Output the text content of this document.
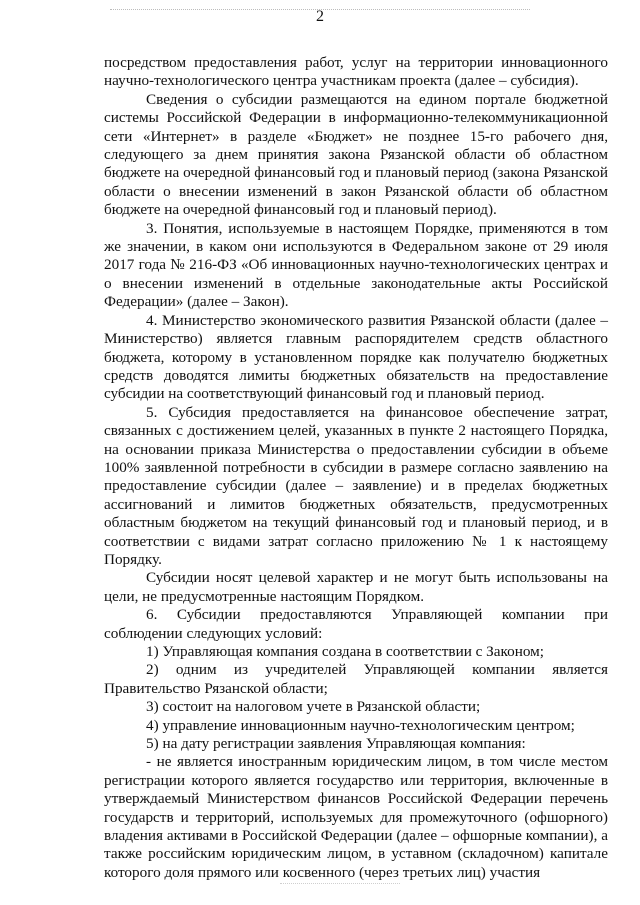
2

посредством предоставления работ, услуг на территории инновационного научно-технологического центра участникам проекта (далее – субсидия).

Сведения о субсидии размещаются на едином портале бюджетной системы Российской Федерации в информационно-телекоммуникационной сети «Интернет» в разделе «Бюджет» не позднее 15-го рабочего дня, следующего за днем принятия закона Рязанской области об областном бюджете на очередной финансовый год и плановый период (закона Рязанской области о внесении изменений в закон Рязанской области об областном бюджете на очередной финансовый год и плановый период).

3. Понятия, используемые в настоящем Порядке, применяются в том же значении, в каком они используются в Федеральном законе от 29 июля 2017 года № 216-ФЗ «Об инновационных научно-технологических центрах и о внесении изменений в отдельные законодательные акты Российской Федерации» (далее – Закон).

4. Министерство экономического развития Рязанской области (далее – Министерство) является главным распорядителем средств областного бюджета, которому в установленном порядке как получателю бюджетных средств доводятся лимиты бюджетных обязательств на предоставление субсидии на соответствующий финансовый год и плановый период.

5. Субсидия предоставляется на финансовое обеспечение затрат, связанных с достижением целей, указанных в пункте 2 настоящего Порядка, на основании приказа Министерства о предоставлении субсидии в объеме 100% заявленной потребности в субсидии в размере согласно заявлению на предоставление субсидии (далее – заявление) и в пределах бюджетных ассигнований и лимитов бюджетных обязательств, предусмотренных областным бюджетом на текущий финансовый год и плановый период, и в соответствии с видами затрат согласно приложению № 1 к настоящему Порядку.

Субсидии носят целевой характер и не могут быть использованы на цели, не предусмотренные настоящим Порядком.

6. Субсидии предоставляются Управляющей компании при соблюдении следующих условий:

1) Управляющая компания создана в соответствии с Законом;

2) одним из учредителей Управляющей компании является Правительство Рязанской области;

3) состоит на налоговом учете в Рязанской области;

4) управление инновационным научно-технологическим центром;

5) на дату регистрации заявления Управляющая компания:

- не является иностранным юридическим лицом, в том числе местом регистрации которого является государство или территория, включенные в утверждаемый Министерством финансов Российской Федерации перечень государств и территорий, используемых для промежуточного (офшорного) владения активами в Российской Федерации (далее – офшорные компании), а также российским юридическим лицом, в уставном (складочном) капитале которого доля прямого или косвенного (через третьих лиц) участия
